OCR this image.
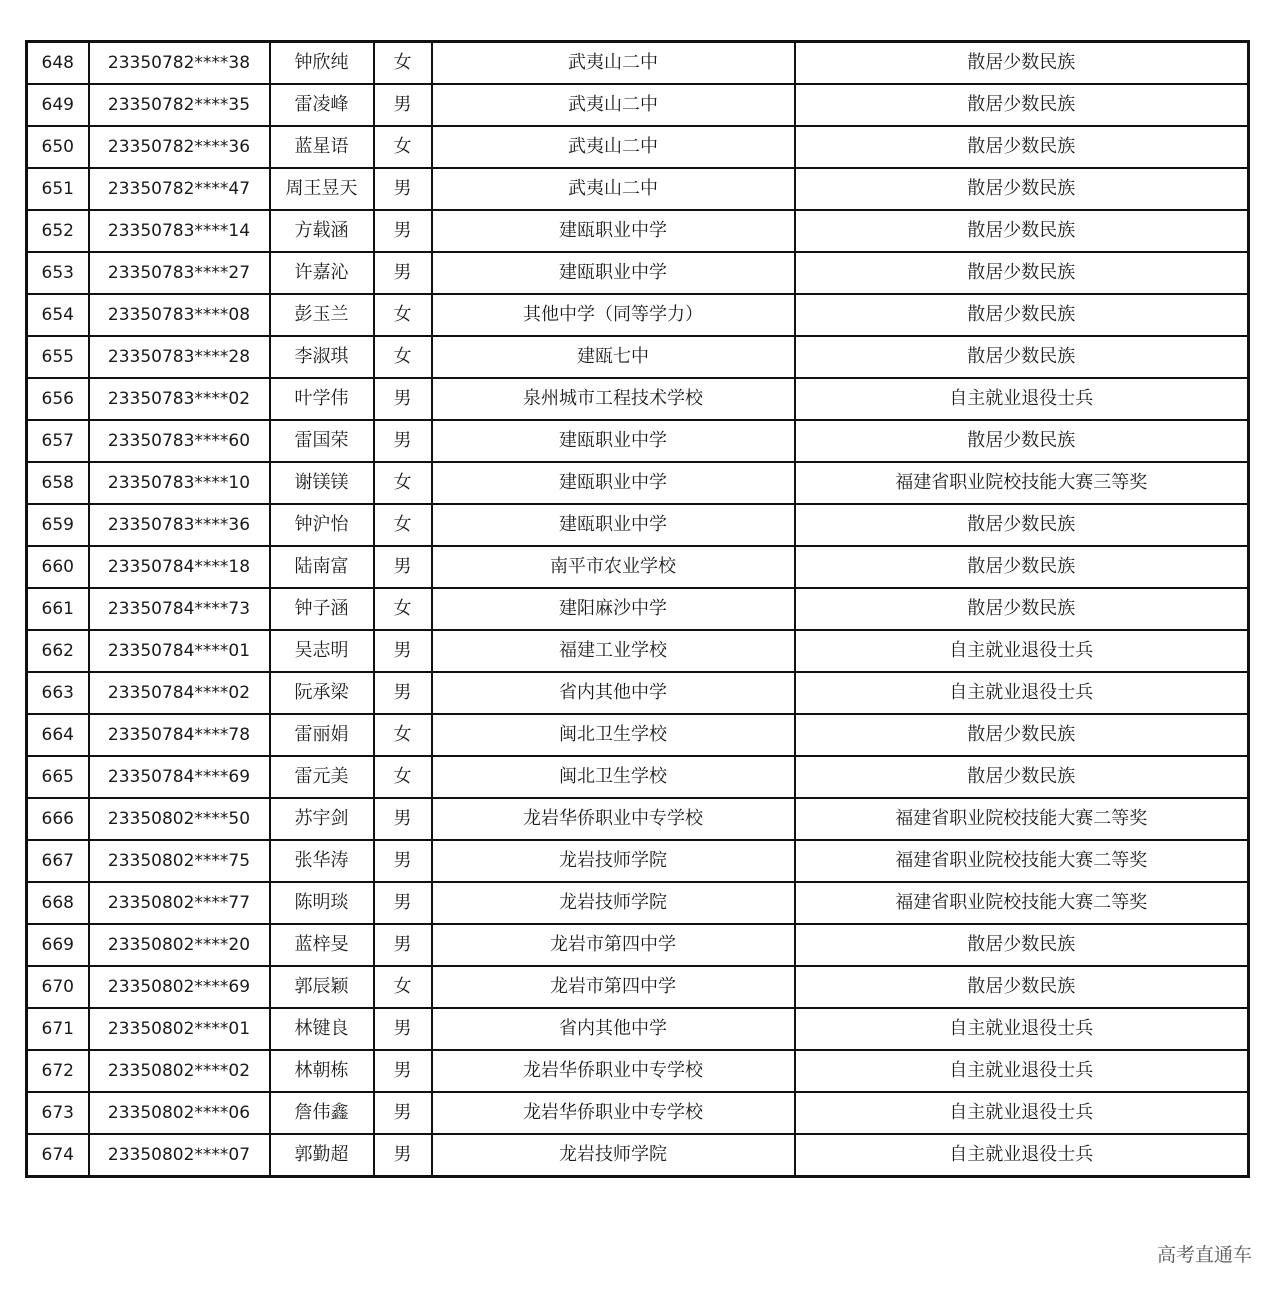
648	23350782****38	钟欣纯	女	武夷山二中	散居少数民族
649	23350782****35	雷凌峰	男	武夷山二中	散居少数民族
650	23350782****36	蓝星语	女	武夷山二中	散居少数民族
651	23350782****47	周王昱天	男	武夷山二中	散居少数民族
652	23350783****14	方载涵	男	建瓯职业中学	散居少数民族
653	23350783****27	许嘉沁	男	建瓯职业中学	散居少数民族
654	23350783****08	彭玉兰	女	其他中学（同等学力）	散居少数民族
655	23350783****28	李淑琪	女	建瓯七中	散居少数民族
656	23350783****02	叶学伟	男	泉州城市工程技术学校	自主就业退役士兵
657	23350783****60	雷国荣	男	建瓯职业中学	散居少数民族
658	23350783****10	谢镁镁	女	建瓯职业中学	福建省职业院校技能大赛三等奖
659	23350783****36	钟沪怡	女	建瓯职业中学	散居少数民族
660	23350784****18	陆南富	男	南平市农业学校	散居少数民族
661	23350784****73	钟子涵	女	建阳麻沙中学	散居少数民族
662	23350784****01	吴志明	男	福建工业学校	自主就业退役士兵
663	23350784****02	阮承梁	男	省内其他中学	自主就业退役士兵
664	23350784****78	雷丽娟	女	闽北卫生学校	散居少数民族
665	23350784****69	雷元美	女	闽北卫生学校	散居少数民族
666	23350802****50	苏宇剑	男	龙岩华侨职业中专学校	福建省职业院校技能大赛二等奖
667	23350802****75	张华涛	男	龙岩技师学院	福建省职业院校技能大赛二等奖
668	23350802****77	陈明琰	男	龙岩技师学院	福建省职业院校技能大赛二等奖
669	23350802****20	蓝梓旻	男	龙岩市第四中学	散居少数民族
670	23350802****69	郭辰颖	女	龙岩市第四中学	散居少数民族
671	23350802****01	林键良	男	省内其他中学	自主就业退役士兵
672	23350802****02	林朝栋	男	龙岩华侨职业中专学校	自主就业退役士兵
673	23350802****06	詹伟鑫	男	龙岩华侨职业中专学校	自主就业退役士兵
674	23350802****07	郭勤超	男	龙岩技师学院	自主就业退役士兵
高考直通车
